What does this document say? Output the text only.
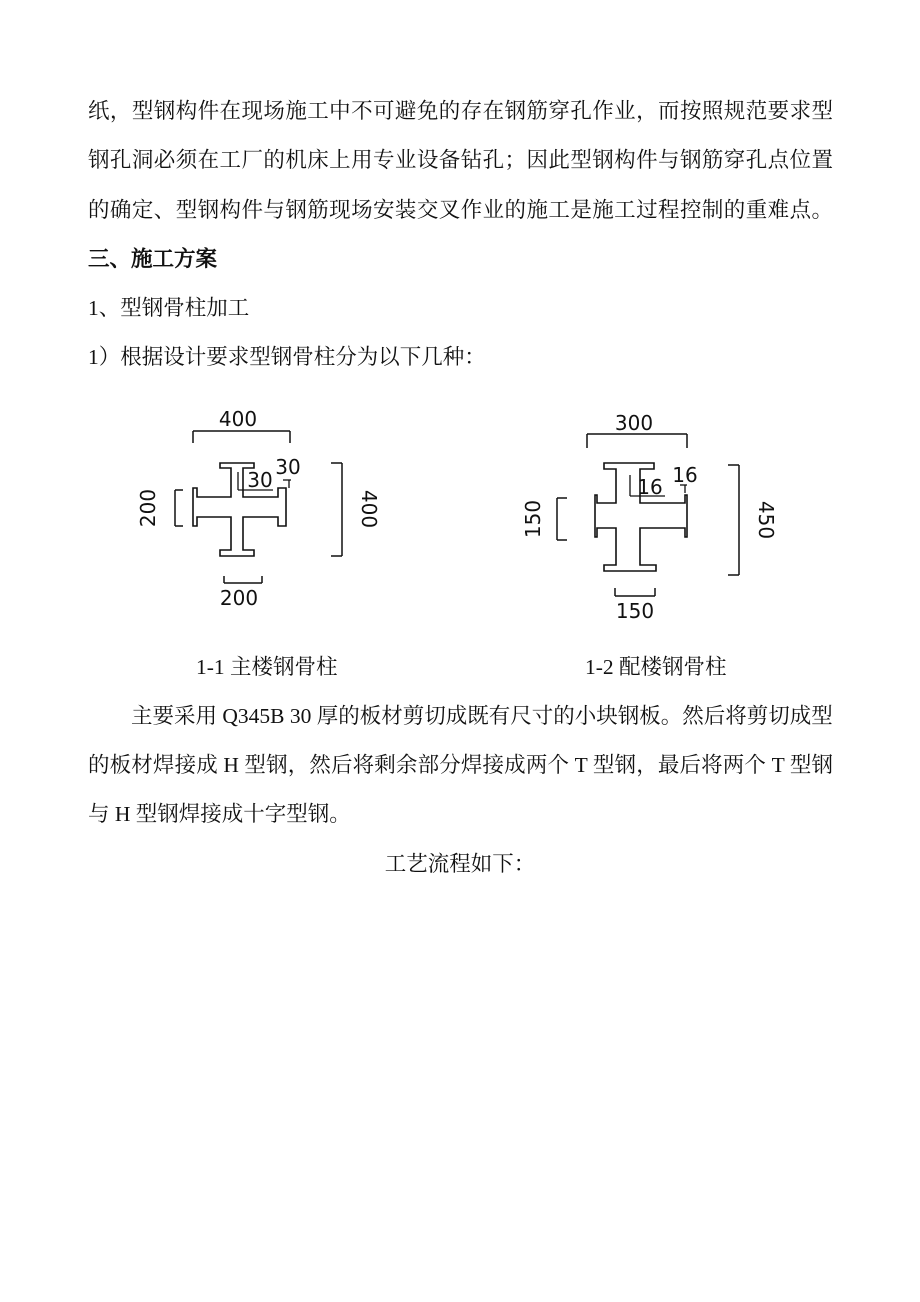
纸，型钢构件在现场施工中不可避免的存在钢筋穿孔作业，而按照规范要求型
钢孔洞必须在工厂的机床上用专业设备钻孔；因此型钢构件与钢筋穿孔点位置
的确定、型钢构件与钢筋现场安装交叉作业的施工是施工过程控制的重难点。
三、施工方案
1、型钢骨柱加工
1）根据设计要求型钢骨柱分为以下几种：
400
400
200
200
30
30
1-1 主楼钢骨柱
300
450
150
150
16 16
1-2 配楼钢骨柱
主要采用 Q345B 30 厚的板材剪切成既有尺寸的小块钢板。然后将剪切成型
的板材焊接成 H 型钢，然后将剩余部分焊接成两个 T 型钢，最后将两个 T 型钢
与 H 型钢焊接成十字型钢。
工艺流程如下：
